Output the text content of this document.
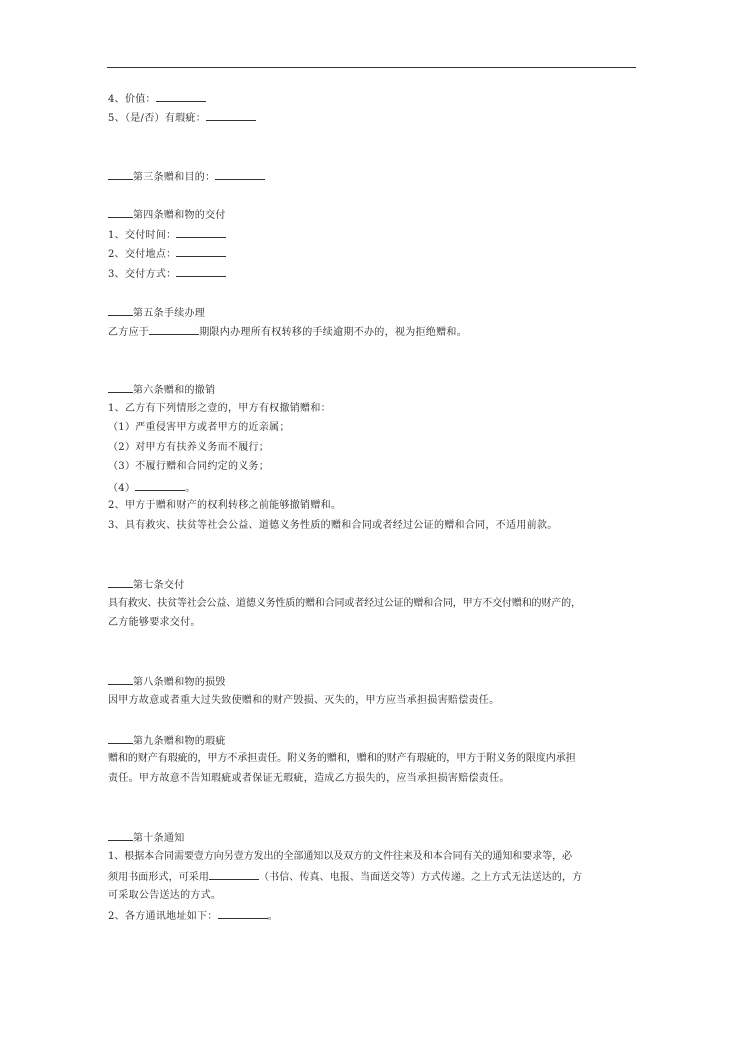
4、价值：
5、（是/否）有瑕疵：
第三条赠和目的：
第四条赠和物的交付
1、交付时间：
2、交付地点：
3、交付方式：
第五条手续办理
乙方应于	期限内办理所有权转移的手续逾期不办的，视为拒绝赠和。
第六条赠和的撤销
1、乙方有下列情形之壹的，甲方有权撤销赠和：
（1）严重侵害甲方或者甲方的近亲属；
（2）对甲方有扶养义务而不履行；
（3）不履行赠和合同约定的义务；
（4）	。
2、甲方于赠和财产的权利转移之前能够撤销赠和。
3、具有救灾、扶贫等社会公益、道德义务性质的赠和合同或者经过公证的赠和合同，不适用前款。
第七条交付
具有救灾、扶贫等社会公益、道德义务性质的赠和合同或者经过公证的赠和合同，甲方不交付赠和的财产的，
乙方能够要求交付。
第八条赠和物的损毁
因甲方故意或者重大过失致使赠和的财产毁损、灭失的，甲方应当承担损害赔偿责任。
第九条赠和物的瑕疵
赠和的财产有瑕疵的，甲方不承担责任。附义务的赠和，赠和的财产有瑕疵的，甲方于附义务的限度内承担
责任。甲方故意不告知瑕疵或者保证无瑕疵，造成乙方损失的，应当承担损害赔偿责任。
第十条通知
1、根据本合同需要壹方向另壹方发出的全部通知以及双方的文件往来及和本合同有关的通知和要求等，必
须用书面形式，可采用	（书信、传真、电报、当面送交等）方式传递。之上方式无法送达的，方
可采取公告送达的方式。
2、各方通讯地址如下：	。
